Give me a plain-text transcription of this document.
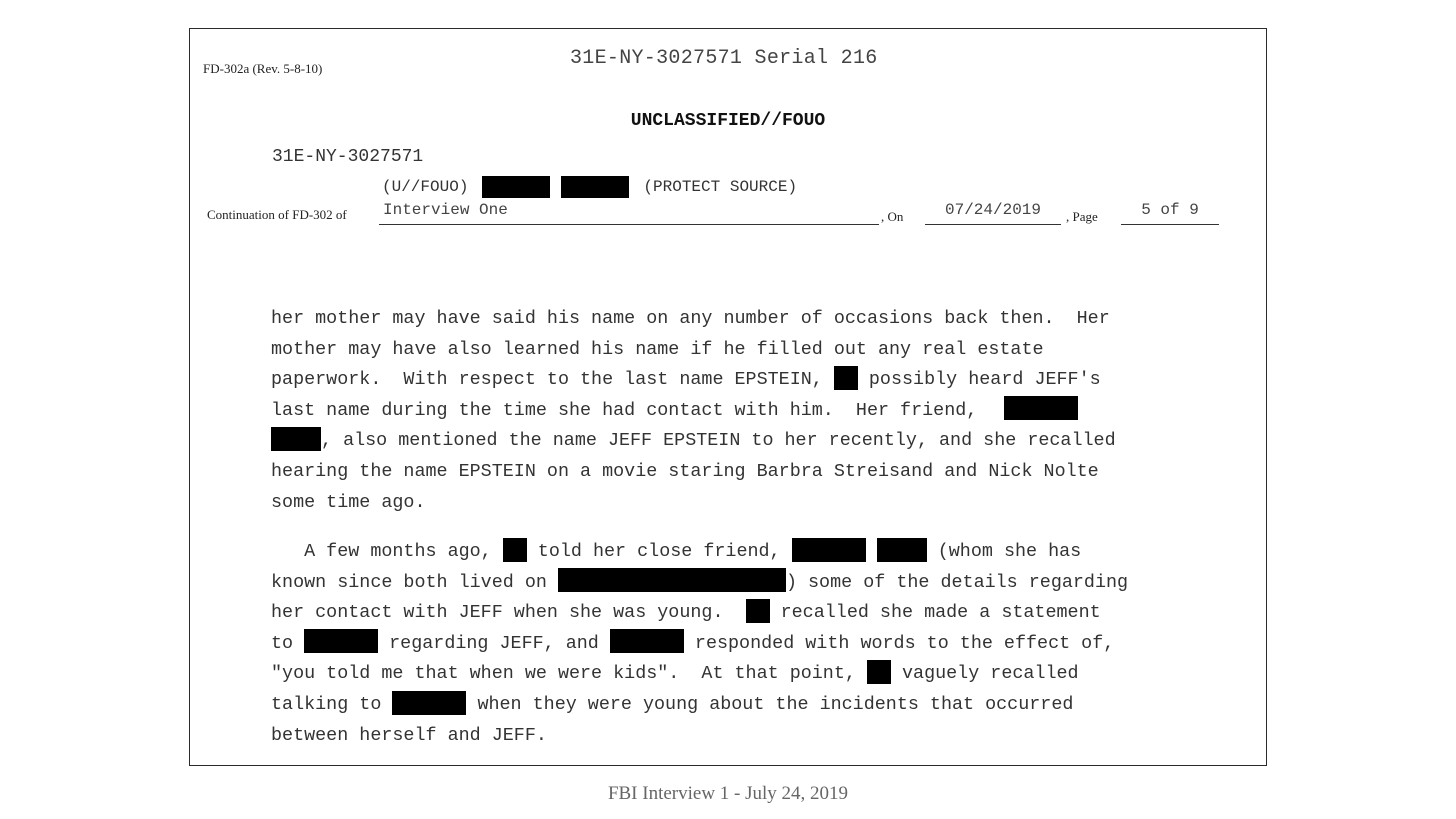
FD-302a (Rev. 5-8-10)	31E-NY-3027571 Serial 216
UNCLASSIFIED//FOUO
31E-NY-3027571
(U//FOUO)	(PROTECT SOURCE)
Continuation of FD-302 of Interview One	, On	07/24/2019	, Page	5 of 9
her mother may have said his name on any number of occasions back then.  Her
mother may have also learned his name if he filled out any real estate
paperwork.  With respect to the last name EPSTEIN,  possibly heard JEFF's
last name during the time she had contact with him.  Her friend,
, also mentioned the name JEFF EPSTEIN to her recently, and she recalled
hearing the name EPSTEIN on a movie staring Barbra Streisand and Nick Nolte
some time ago.
A few months ago,  told her close friend,	(whom she has
known since both lived on	) some of the details regarding
her contact with JEFF when she was young.   recalled she made a statement
to	regarding JEFF, and	responded with words to the effect of,
"you told me that when we were kids".  At that point,  vaguely recalled
talking to	when they were young about the incidents that occurred
between herself and JEFF.
FBI Interview 1 - July 24, 2019
